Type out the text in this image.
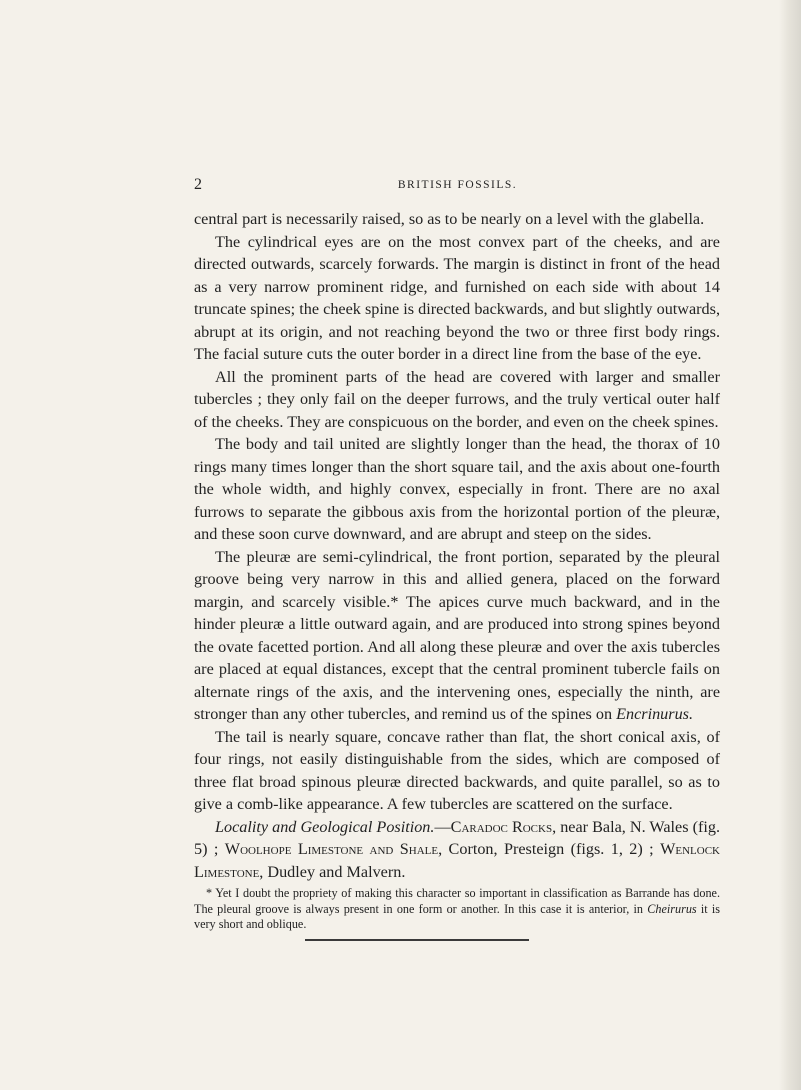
2	BRITISH FOSSILS.

central part is necessarily raised, so as to be nearly on a level with the glabella.

The cylindrical eyes are on the most convex part of the cheeks, and are directed outwards, scarcely forwards. The margin is distinct in front of the head as a very narrow prominent ridge, and furnished on each side with about 14 truncate spines; the cheek spine is directed backwards, and but slightly outwards, abrupt at its origin, and not reaching beyond the two or three first body rings. The facial suture cuts the outer border in a direct line from the base of the eye.

All the prominent parts of the head are covered with larger and smaller tubercles ; they only fail on the deeper furrows, and the truly vertical outer half of the cheeks. They are conspicuous on the border, and even on the cheek spines.

The body and tail united are slightly longer than the head, the thorax of 10 rings many times longer than the short square tail, and the axis about one-fourth the whole width, and highly convex, especially in front. There are no axal furrows to separate the gibbous axis from the horizontal portion of the pleuræ, and these soon curve downward, and are abrupt and steep on the sides.

The pleuræ are semi-cylindrical, the front portion, separated by the pleural groove being very narrow in this and allied genera, placed on the forward margin, and scarcely visible.* The apices curve much backward, and in the hinder pleuræ a little outward again, and are produced into strong spines beyond the ovate facetted portion. And all along these pleuræ and over the axis tubercles are placed at equal distances, except that the central prominent tubercle fails on alternate rings of the axis, and the intervening ones, especially the ninth, are stronger than any other tubercles, and remind us of the spines on Encrinurus.

The tail is nearly square, concave rather than flat, the short conical axis, of four rings, not easily distinguishable from the sides, which are composed of three flat broad spinous pleuræ directed backwards, and quite parallel, so as to give a comb-like appearance. A few tubercles are scattered on the surface.

Locality and Geological Position.—Caradoc Rocks, near Bala, N. Wales (fig. 5) ; Woolhope Limestone and Shale, Corton, Presteign (figs. 1, 2) ; Wenlock Limestone, Dudley and Malvern.

* Yet I doubt the propriety of making this character so important in classification as Barrande has done. The pleural groove is always present in one form or another. In this case it is anterior, in Cheirurus it is very short and oblique.
